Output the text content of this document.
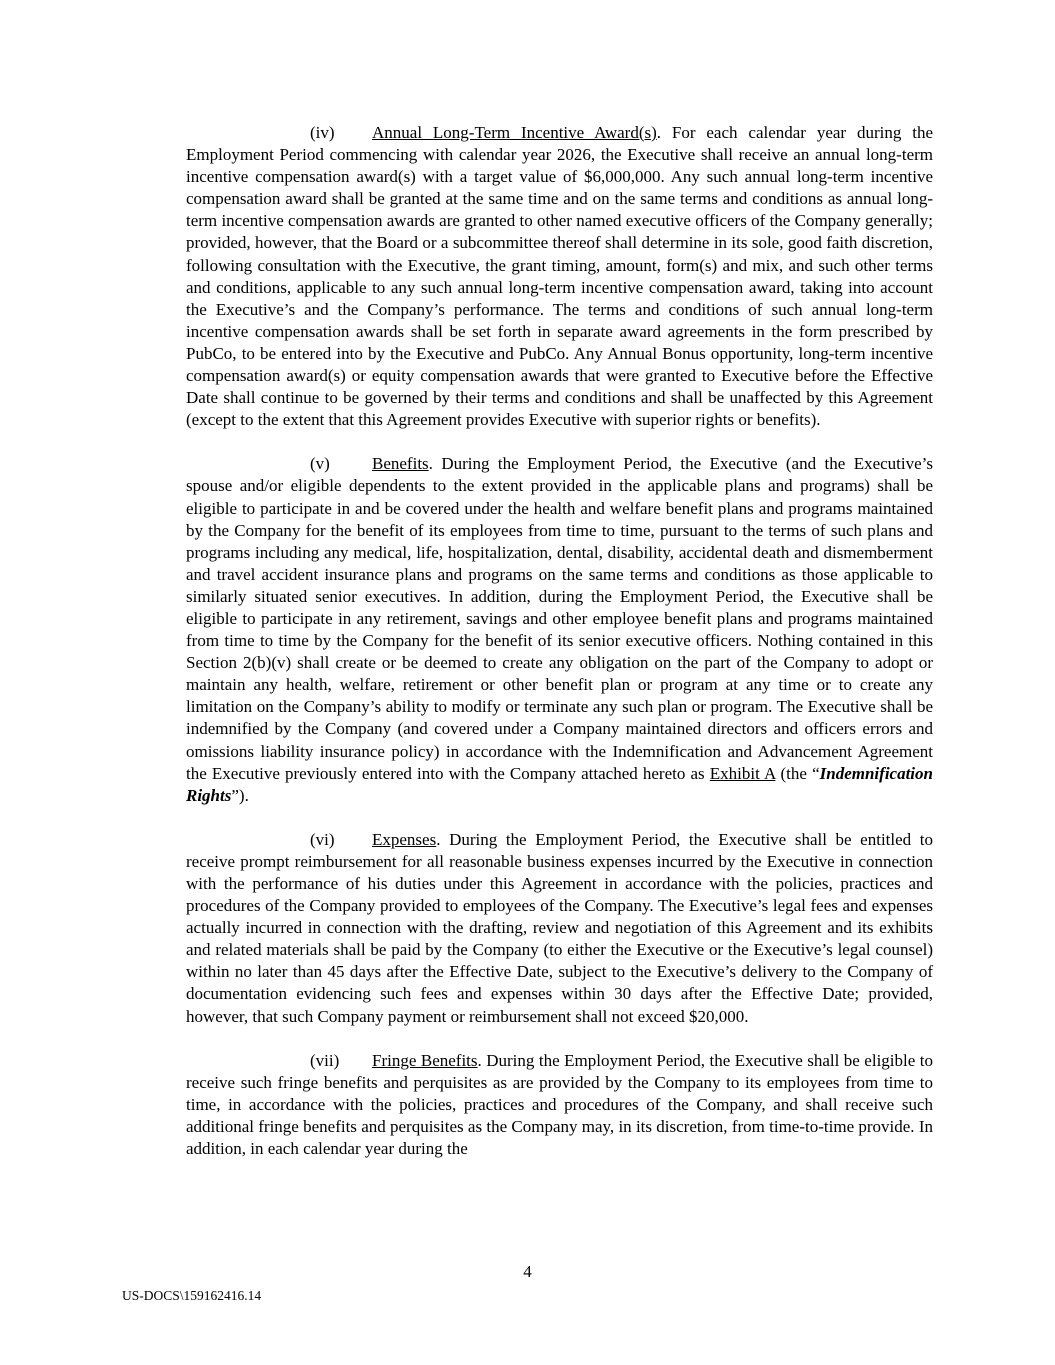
(iv) Annual Long-Term Incentive Award(s). For each calendar year during the Employment Period commencing with calendar year 2026, the Executive shall receive an annual long-term incentive compensation award(s) with a target value of $6,000,000. Any such annual long-term incentive compensation award shall be granted at the same time and on the same terms and conditions as annual long-term incentive compensation awards are granted to other named executive officers of the Company generally; provided, however, that the Board or a subcommittee thereof shall determine in its sole, good faith discretion, following consultation with the Executive, the grant timing, amount, form(s) and mix, and such other terms and conditions, applicable to any such annual long-term incentive compensation award, taking into account the Executive’s and the Company’s performance. The terms and conditions of such annual long-term incentive compensation awards shall be set forth in separate award agreements in the form prescribed by PubCo, to be entered into by the Executive and PubCo. Any Annual Bonus opportunity, long-term incentive compensation award(s) or equity compensation awards that were granted to Executive before the Effective Date shall continue to be governed by their terms and conditions and shall be unaffected by this Agreement (except to the extent that this Agreement provides Executive with superior rights or benefits).

(v) Benefits. During the Employment Period, the Executive (and the Executive’s spouse and/or eligible dependents to the extent provided in the applicable plans and programs) shall be eligible to participate in and be covered under the health and welfare benefit plans and programs maintained by the Company for the benefit of its employees from time to time, pursuant to the terms of such plans and programs including any medical, life, hospitalization, dental, disability, accidental death and dismemberment and travel accident insurance plans and programs on the same terms and conditions as those applicable to similarly situated senior executives. In addition, during the Employment Period, the Executive shall be eligible to participate in any retirement, savings and other employee benefit plans and programs maintained from time to time by the Company for the benefit of its senior executive officers. Nothing contained in this Section 2(b)(v) shall create or be deemed to create any obligation on the part of the Company to adopt or maintain any health, welfare, retirement or other benefit plan or program at any time or to create any limitation on the Company’s ability to modify or terminate any such plan or program. The Executive shall be indemnified by the Company (and covered under a Company maintained directors and officers errors and omissions liability insurance policy) in accordance with the Indemnification and Advancement Agreement the Executive previously entered into with the Company attached hereto as Exhibit A (the “Indemnification Rights”).

(vi) Expenses. During the Employment Period, the Executive shall be entitled to receive prompt reimbursement for all reasonable business expenses incurred by the Executive in connection with the performance of his duties under this Agreement in accordance with the policies, practices and procedures of the Company provided to employees of the Company. The Executive’s legal fees and expenses actually incurred in connection with the drafting, review and negotiation of this Agreement and its exhibits and related materials shall be paid by the Company (to either the Executive or the Executive’s legal counsel) within no later than 45 days after the Effective Date, subject to the Executive’s delivery to the Company of documentation evidencing such fees and expenses within 30 days after the Effective Date; provided, however, that such Company payment or reimbursement shall not exceed $20,000.

(vii) Fringe Benefits. During the Employment Period, the Executive shall be eligible to receive such fringe benefits and perquisites as are provided by the Company to its employees from time to time, in accordance with the policies, practices and procedures of the Company, and shall receive such additional fringe benefits and perquisites as the Company may, in its discretion, from time-to-time provide. In addition, in each calendar year during the

4
US-DOCS\159162416.14
